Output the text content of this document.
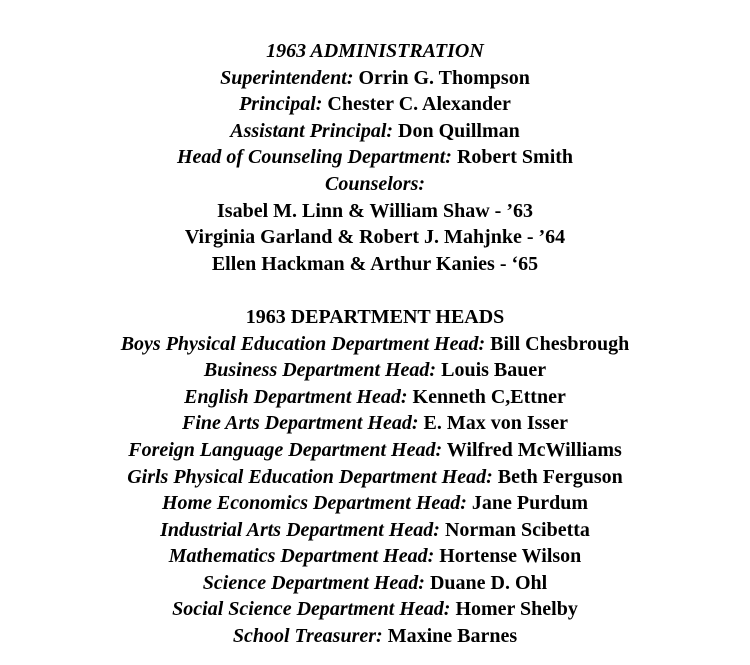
1963 ADMINISTRATION
Superintendent: Orrin G. Thompson
Principal: Chester C. Alexander
Assistant Principal: Don Quillman
Head of Counseling Department: Robert Smith
Counselors:
Isabel M. Linn & William Shaw - ’63
Virginia Garland & Robert J. Mahjnke - ’64
Ellen Hackman & Arthur Kanies - ‘65
1963 DEPARTMENT HEADS
Boys Physical Education Department Head: Bill Chesbrough
Business Department Head: Louis Bauer
English Department Head: Kenneth C,Ettner
Fine Arts Department Head: E. Max von Isser
Foreign Language Department Head: Wilfred McWilliams
Girls Physical Education Department Head: Beth Ferguson
Home Economics Department Head: Jane Purdum
Industrial Arts Department Head: Norman Scibetta
Mathematics Department Head: Hortense Wilson
Science Department Head: Duane D. Ohl
Social Science Department Head: Homer Shelby
School Treasurer: Maxine Barnes
